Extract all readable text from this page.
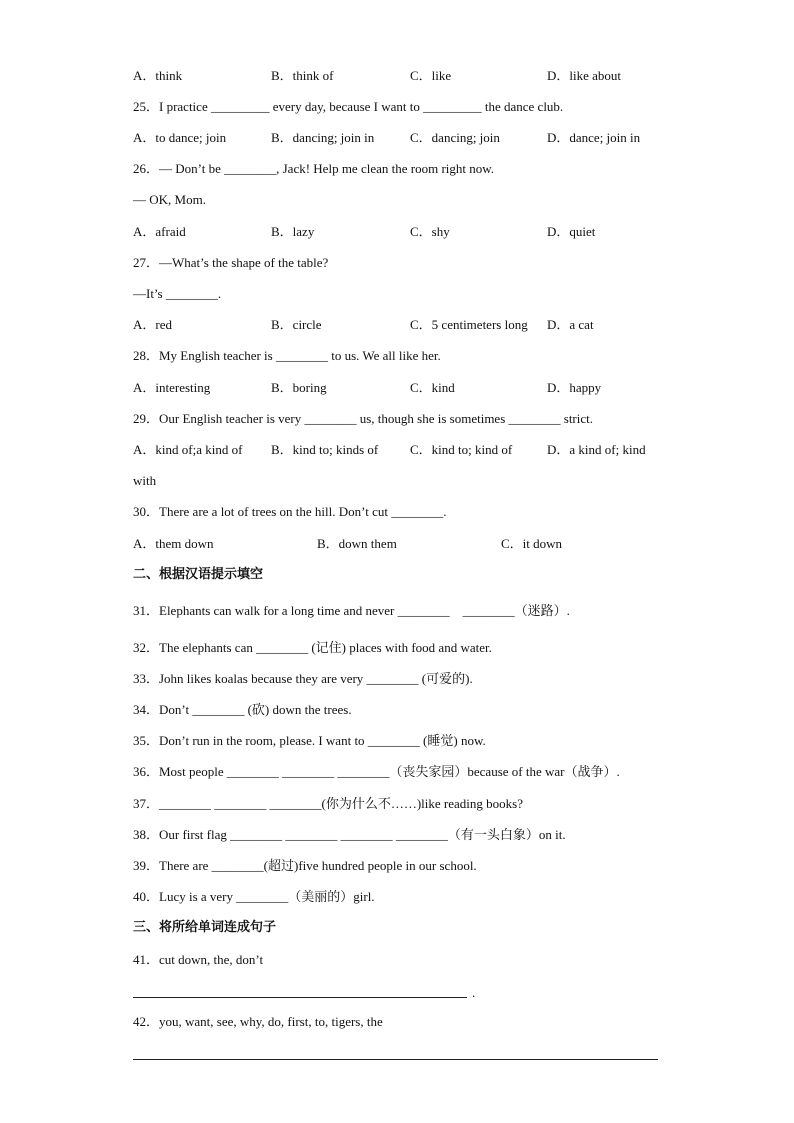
A．think	B．think of	C．like	D．like about
25．I practice _________ every day, because I want to _________ the dance club.
A．to dance; join	B．dancing; join in	C．dancing; join	D．dance; join in
26．— Don’t be ________, Jack! Help me clean the room right now.
— OK, Mom.
A．afraid	B．lazy	C．shy	D．quiet
27．—What’s the shape of the table?
—It’s ________.
A．red	B．circle	C．5 centimeters long D．a cat
28．My English teacher is ________ to us. We all like her.
A．interesting	B．boring	C．kind	D．happy
29．Our English teacher is very ________ us, though she is sometimes ________ strict.
A．kind of;a kind of B．kind to; kinds of C．kind to; kind of	D．a kind of; kind
with
30．There are a lot of trees on the hill. Don’t cut ________.
A．them down	B．down them	C．it down
二、根据汉语提示填空
31．Elephants can walk for a long time and never ________    ________（迷路）.
32．The elephants can ________ (记住) places with food and water.
33．John likes koalas because they are very ________ (可爱的).
34．Don’t ________ (砍) down the trees.
35．Don’t run in the room, please. I want to ________ (睡觉) now.
36．Most people ________ ________ ________（丧失家园）because of the war（战争）.
37．________ ________ ________(你为什么不……)like reading books?
38．Our first flag ________ ________ ________ ________（有一头白象）on it.
39．There are ________(超过)five hundred people in our school.
40．Lucy is a very ________（美丽的）girl.
三、将所给单词连成句子
41．cut down, the, don’t
.
42．you, want, see, why, do, first, to, tigers, the
